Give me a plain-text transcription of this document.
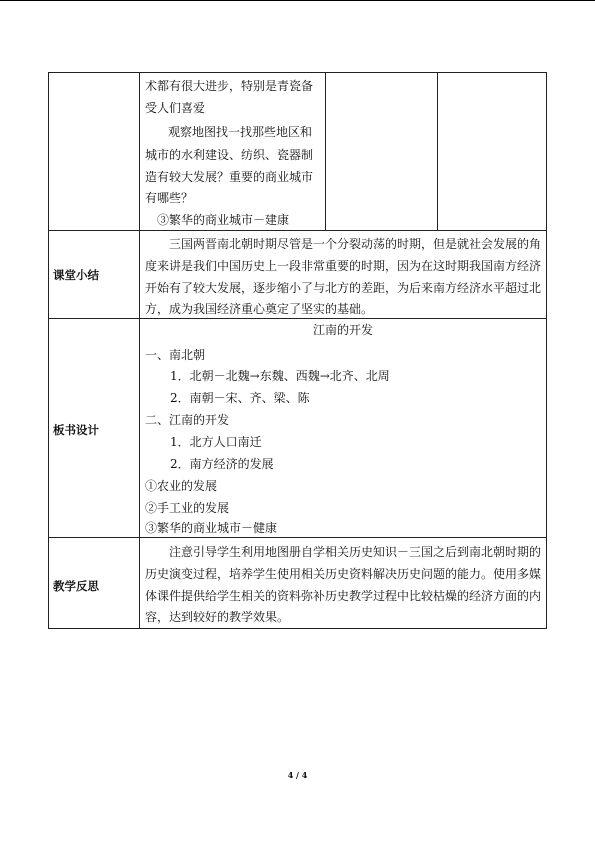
术都有很大进步，特别是青瓷备
受人们喜爱
观察地图找一找那些地区和
城市的水利建设、纺织、瓷器制
造有较大发展？重要的商业城市
有哪些？
③繁华的商业城市－建康
课堂小结
三国两晋南北朝时期尽管是一个分裂动荡的时期，但是就社会发展的角
度来讲是我们中国历史上一段非常重要的时期，因为在这时期我国南方经济
开始有了较大发展，逐步缩小了与北方的差距，为后来南方经济水平超过北
方，成为我国经济重心奠定了坚实的基础。
板书设计
江南的开发
一、南北朝
1．北朝－北魏→东魏、西魏→北齐、北周
2．南朝－宋、齐、梁、陈
二、江南的开发
1．北方人口南迁
2．南方经济的发展
①农业的发展
②手工业的发展
③繁华的商业城市－健康
教学反思
注意引导学生利用地图册自学相关历史知识－三国之后到南北朝时期的
历史演变过程，培养学生使用相关历史资料解决历史问题的能力。使用多媒
体课件提供给学生相关的资料弥补历史教学过程中比较枯燥的经济方面的内
容，达到较好的教学效果。
4 / 4
